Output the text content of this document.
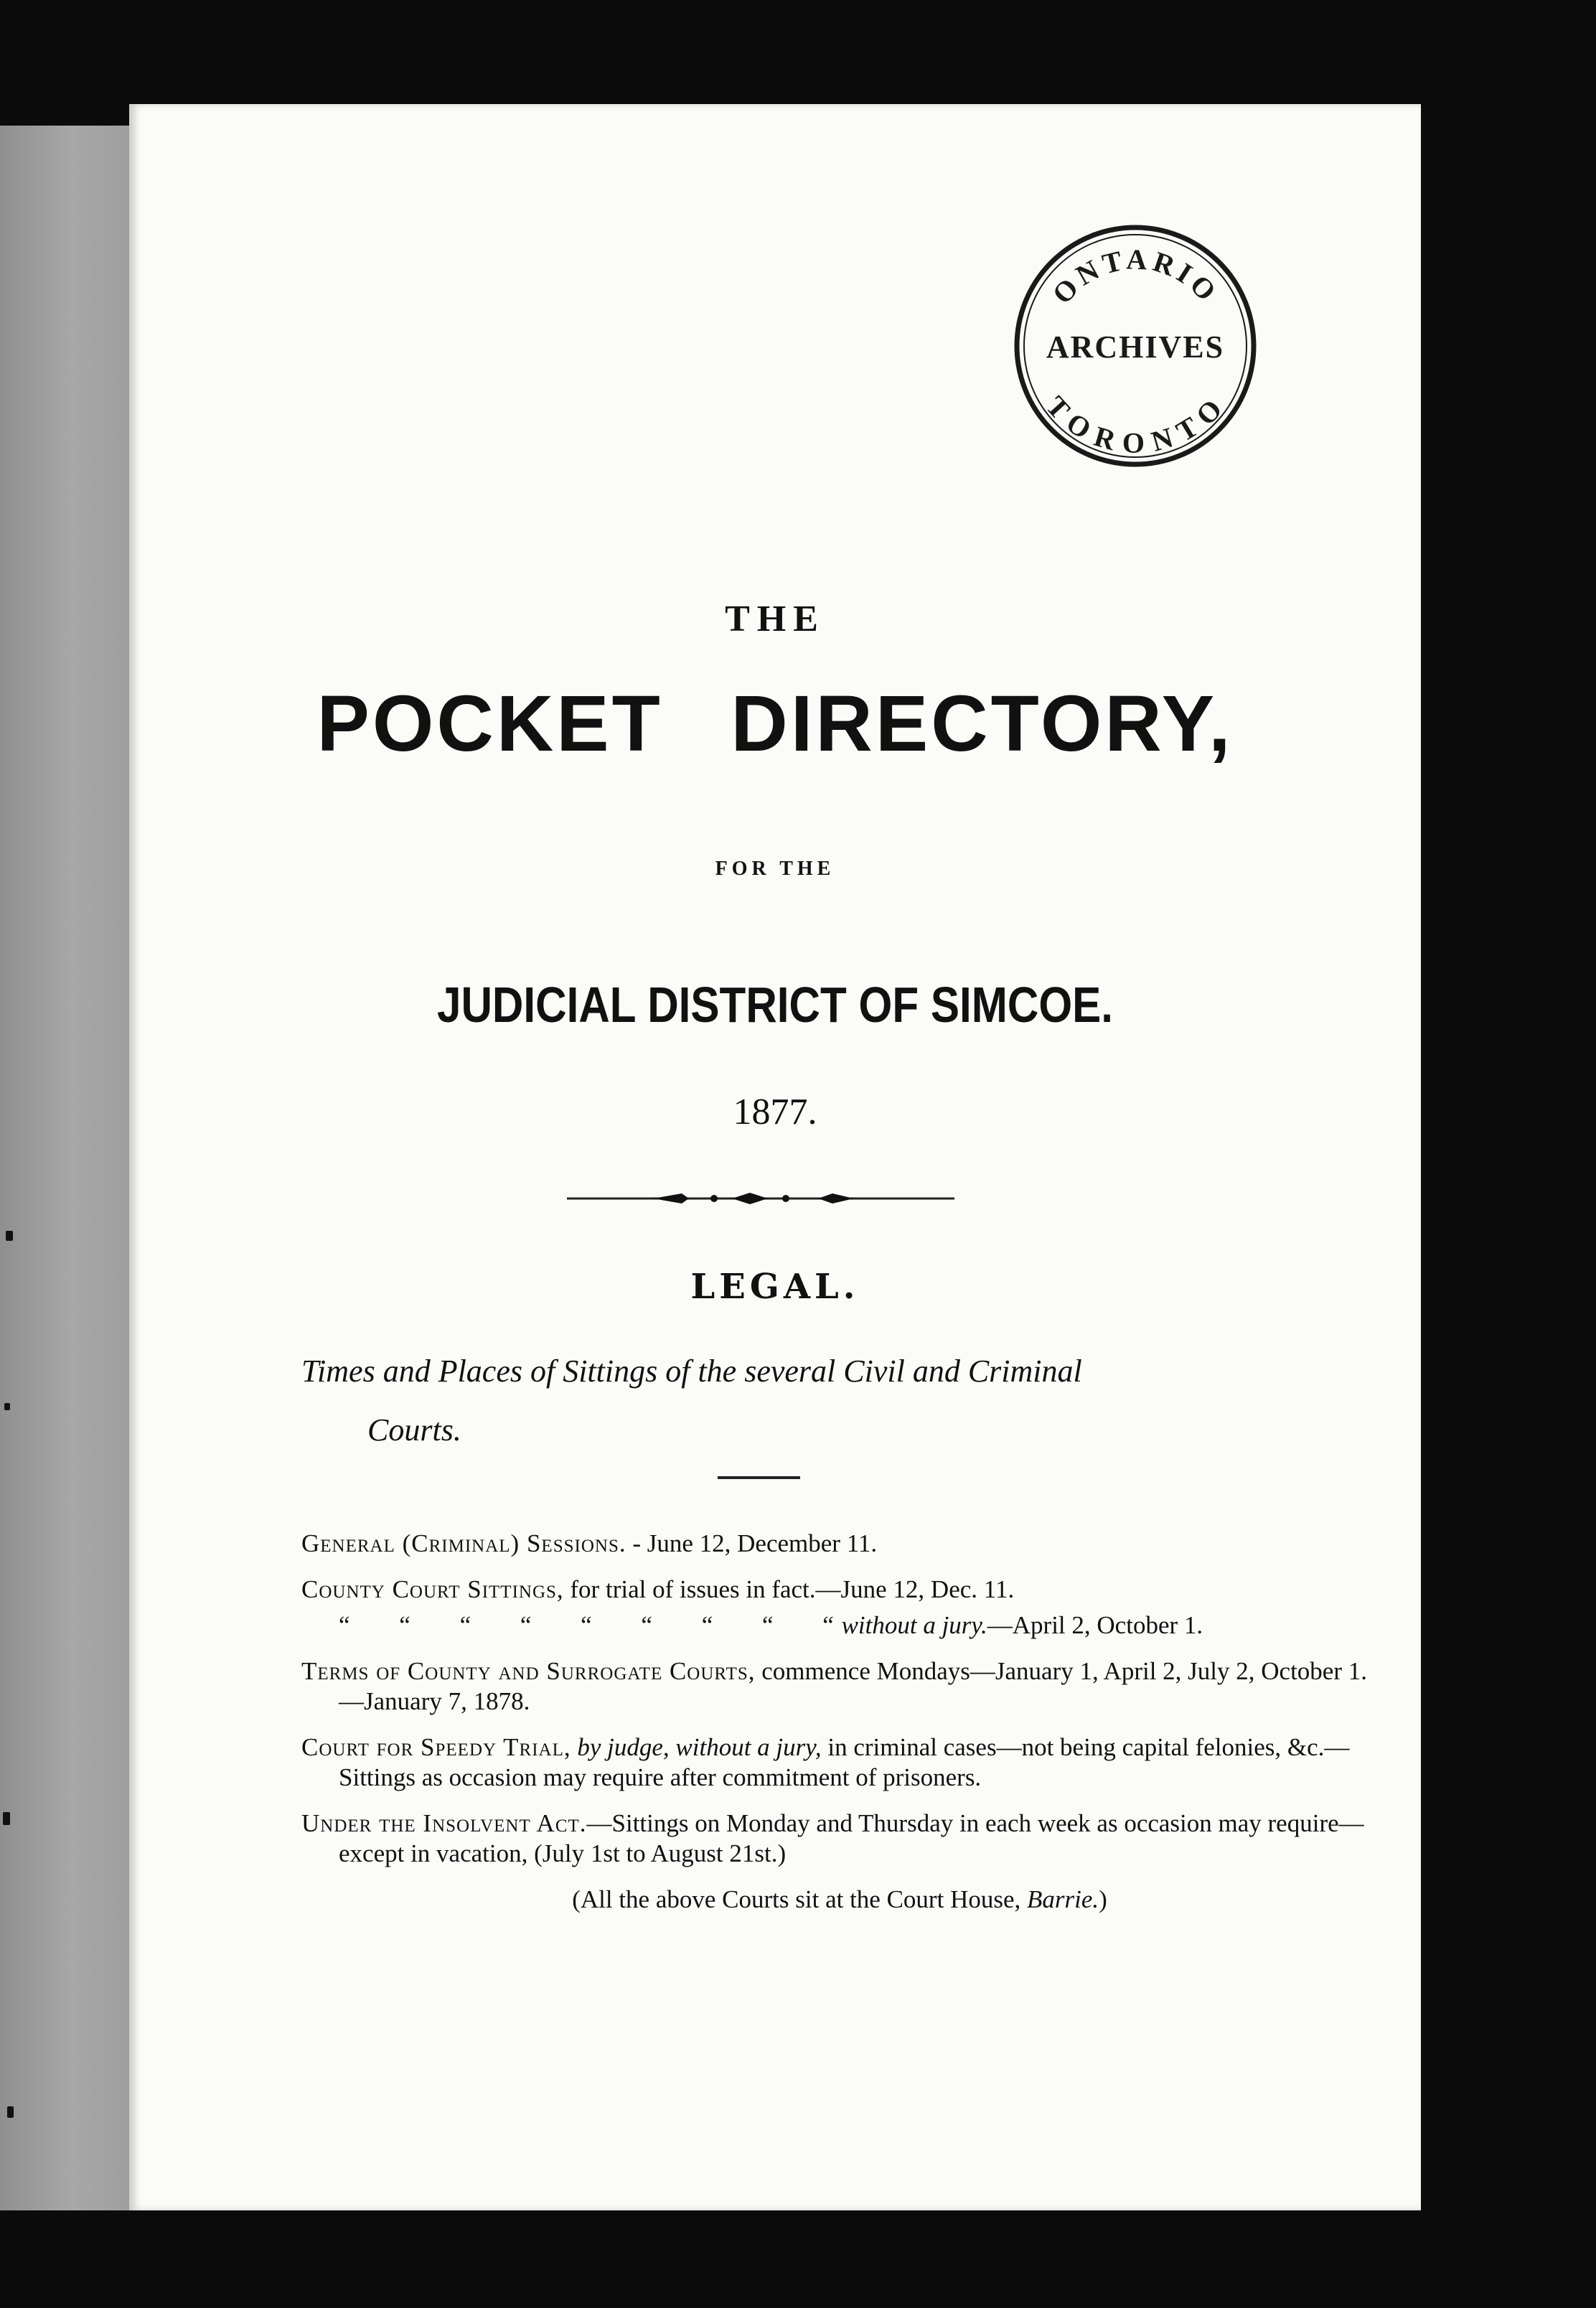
ONTARIO
ARCHIVES
TORONTO
THE
POCKET DIRECTORY,
FOR THE
JUDICIAL DISTRICT OF SIMCOE.
1877.
LEGAL.
Times and Places of Sittings of the several Civil and Criminal
Courts.
General (Criminal) Sessions. - June 12, December 11.
County Court Sittings, for trial of issues in fact.—June 12, Dec. 11.
“ “ “ “ “ “ “ “ “ without a jury.—April 2, October 1.
Terms of County and Surrogate Courts, commence Mondays—January 1, April 2, July 2, October 1.—January 7, 1878.
Court for Speedy Trial, by judge, without a jury, in criminal cases—not being capital felonies, &c.—Sittings as occasion may require after commitment of prisoners.
Under the Insolvent Act.—Sittings on Monday and Thursday in each week as occasion may require—except in vacation, (July 1st to August 21st.)
(All the above Courts sit at the Court House, Barrie.)
